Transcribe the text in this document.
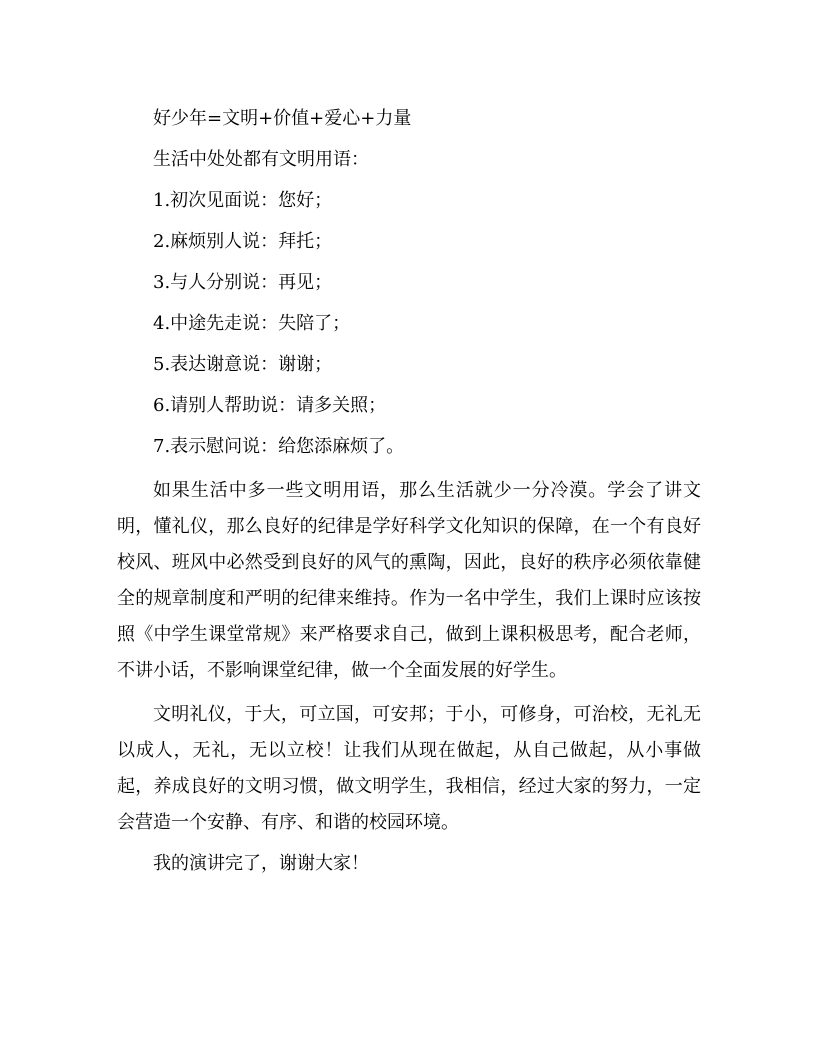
好少年=文明+价值+爱心+力量

生活中处处都有文明用语：

1.初次见面说：您好；
2.麻烦别人说：拜托；
3.与人分别说：再见；
4.中途先走说：失陪了；
5.表达谢意说：谢谢；
6.请别人帮助说：请多关照；
7.表示慰问说：给您添麻烦了。

如果生活中多一些文明用语，那么生活就少一分冷漠。学会了讲文明，懂礼仪，那么良好的纪律是学好科学文化知识的保障，在一个有良好校风、班风中必然受到良好的风气的熏陶，因此，良好的秩序必须依靠健全的规章制度和严明的纪律来维持。作为一名中学生，我们上课时应该按照《中学生课堂常规》来严格要求自己，做到上课积极思考，配合老师，不讲小话，不影响课堂纪律，做一个全面发展的好学生。

文明礼仪，于大，可立国，可安邦；于小，可修身，可治校，无礼无以成人，无礼，无以立校！让我们从现在做起，从自己做起，从小事做起，养成良好的文明习惯，做文明学生，我相信，经过大家的努力，一定会营造一个安静、有序、和谐的校园环境。

我的演讲完了，谢谢大家！
